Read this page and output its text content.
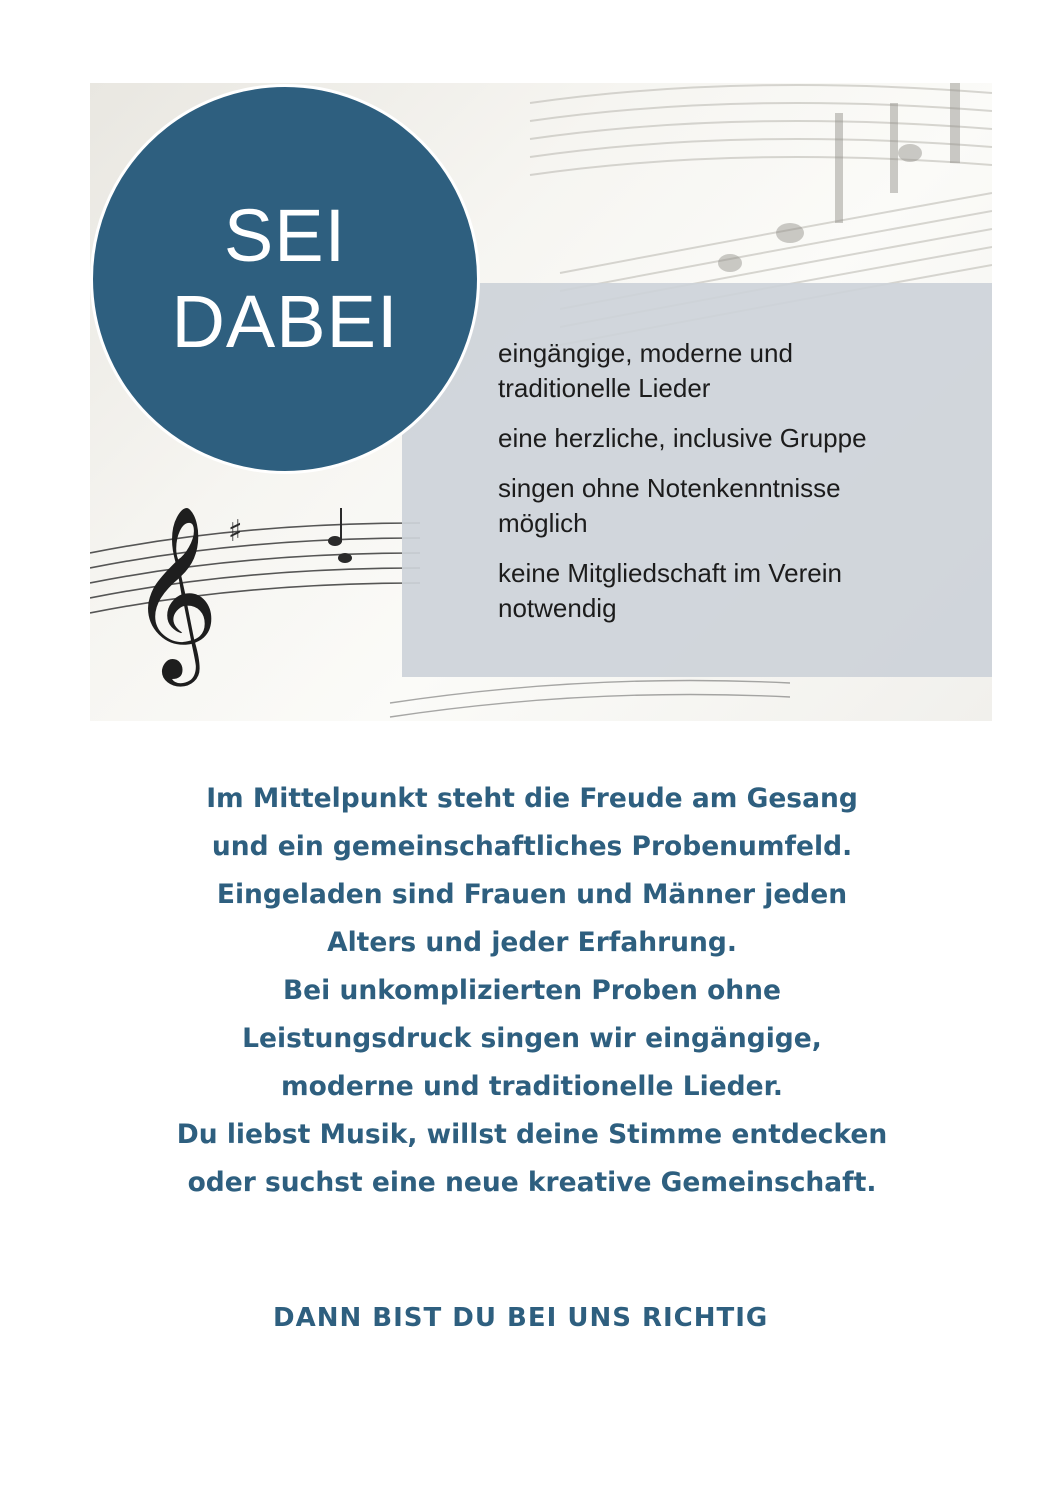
𝄞 ♯
SEI
DABEI	eingängige, moderne und
traditionelle Lieder
eine herzliche, inclusive Gruppe
singen ohne Notenkenntnisse
möglich
keine Mitgliedschaft im Verein
notwendig
Im Mittelpunkt steht die Freude am Gesang
und ein gemeinschaftliches Probenumfeld.
Eingeladen sind Frauen und Männer jeden
Alters und jeder Erfahrung.
Bei unkomplizierten Proben ohne
Leistungsdruck singen wir eingängige,
moderne und traditionelle Lieder.
Du liebst Musik, willst deine Stimme entdecken
oder suchst eine neue kreative Gemeinschaft.
DANN BIST DU BEI UNS RICHTIG
